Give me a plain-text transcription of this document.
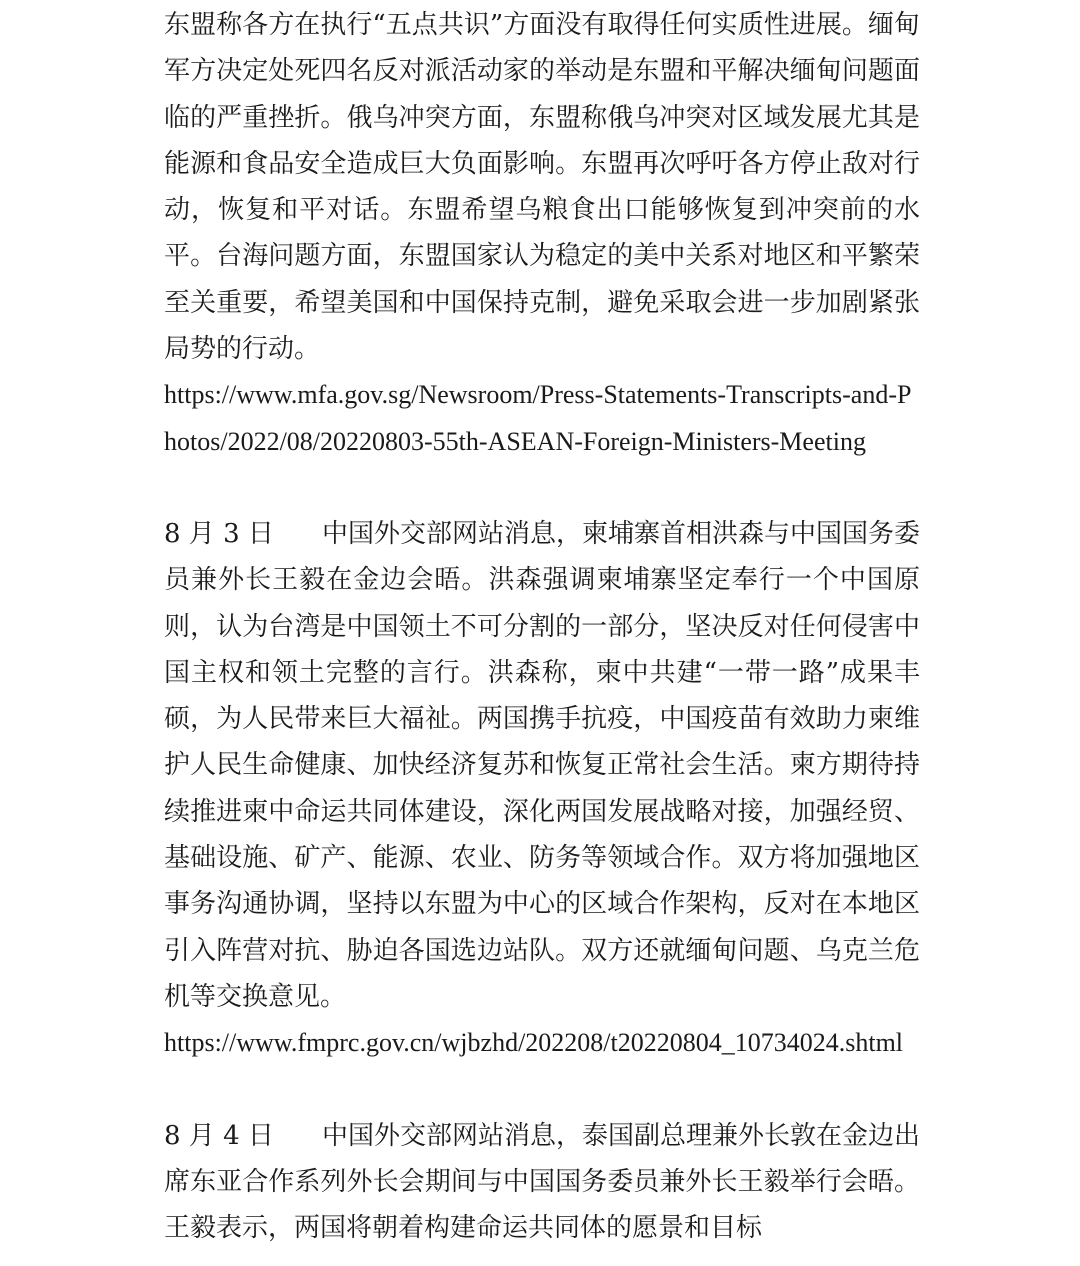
东盟称各方在执行“五点共识”方面没有取得任何实质性进展。缅甸军方决定处死四名反对派活动家的举动是东盟和平解决缅甸问题面临的严重挫折。俄乌冲突方面，东盟称俄乌冲突对区域发展尤其是能源和食品安全造成巨大负面影响。东盟再次呼吁各方停止敌对行动，恢复和平对话。东盟希望乌粮食出口能够恢复到冲突前的水平。台海问题方面，东盟国家认为稳定的美中关系对地区和平繁荣至关重要，希望美国和中国保持克制，避免采取会进一步加剧紧张局势的行动。

https://www.mfa.gov.sg/Newsroom/Press-Statements-Transcripts-and-Photos/2022/08/20220803-55th-ASEAN-Foreign-Ministers-Meeting

8 月 3 日 中国外交部网站消息，柬埔寨首相洪森与中国国务委员兼外长王毅在金边会晤。洪森强调柬埔寨坚定奉行一个中国原则，认为台湾是中国领土不可分割的一部分，坚决反对任何侵害中国主权和领土完整的言行。洪森称，柬中共建“一带一路”成果丰硕，为人民带来巨大福祉。两国携手抗疫，中国疫苗有效助力柬维护人民生命健康、加快经济复苏和恢复正常社会生活。柬方期待持续推进柬中命运共同体建设，深化两国发展战略对接，加强经贸、基础设施、矿产、能源、农业、防务等领域合作。双方将加强地区事务沟通协调，坚持以东盟为中心的区域合作架构，反对在本地区引入阵营对抗、胁迫各国选边站队。双方还就缅甸问题、乌克兰危机等交换意见。

https://www.fmprc.gov.cn/wjbzhd/202208/t20220804_10734024.shtml

8 月 4 日 中国外交部网站消息，泰国副总理兼外长敦在金边出席东亚合作系列外长会期间与中国国务委员兼外长王毅举行会晤。王毅表示，两国将朝着构建命运共同体的愿景和目标
